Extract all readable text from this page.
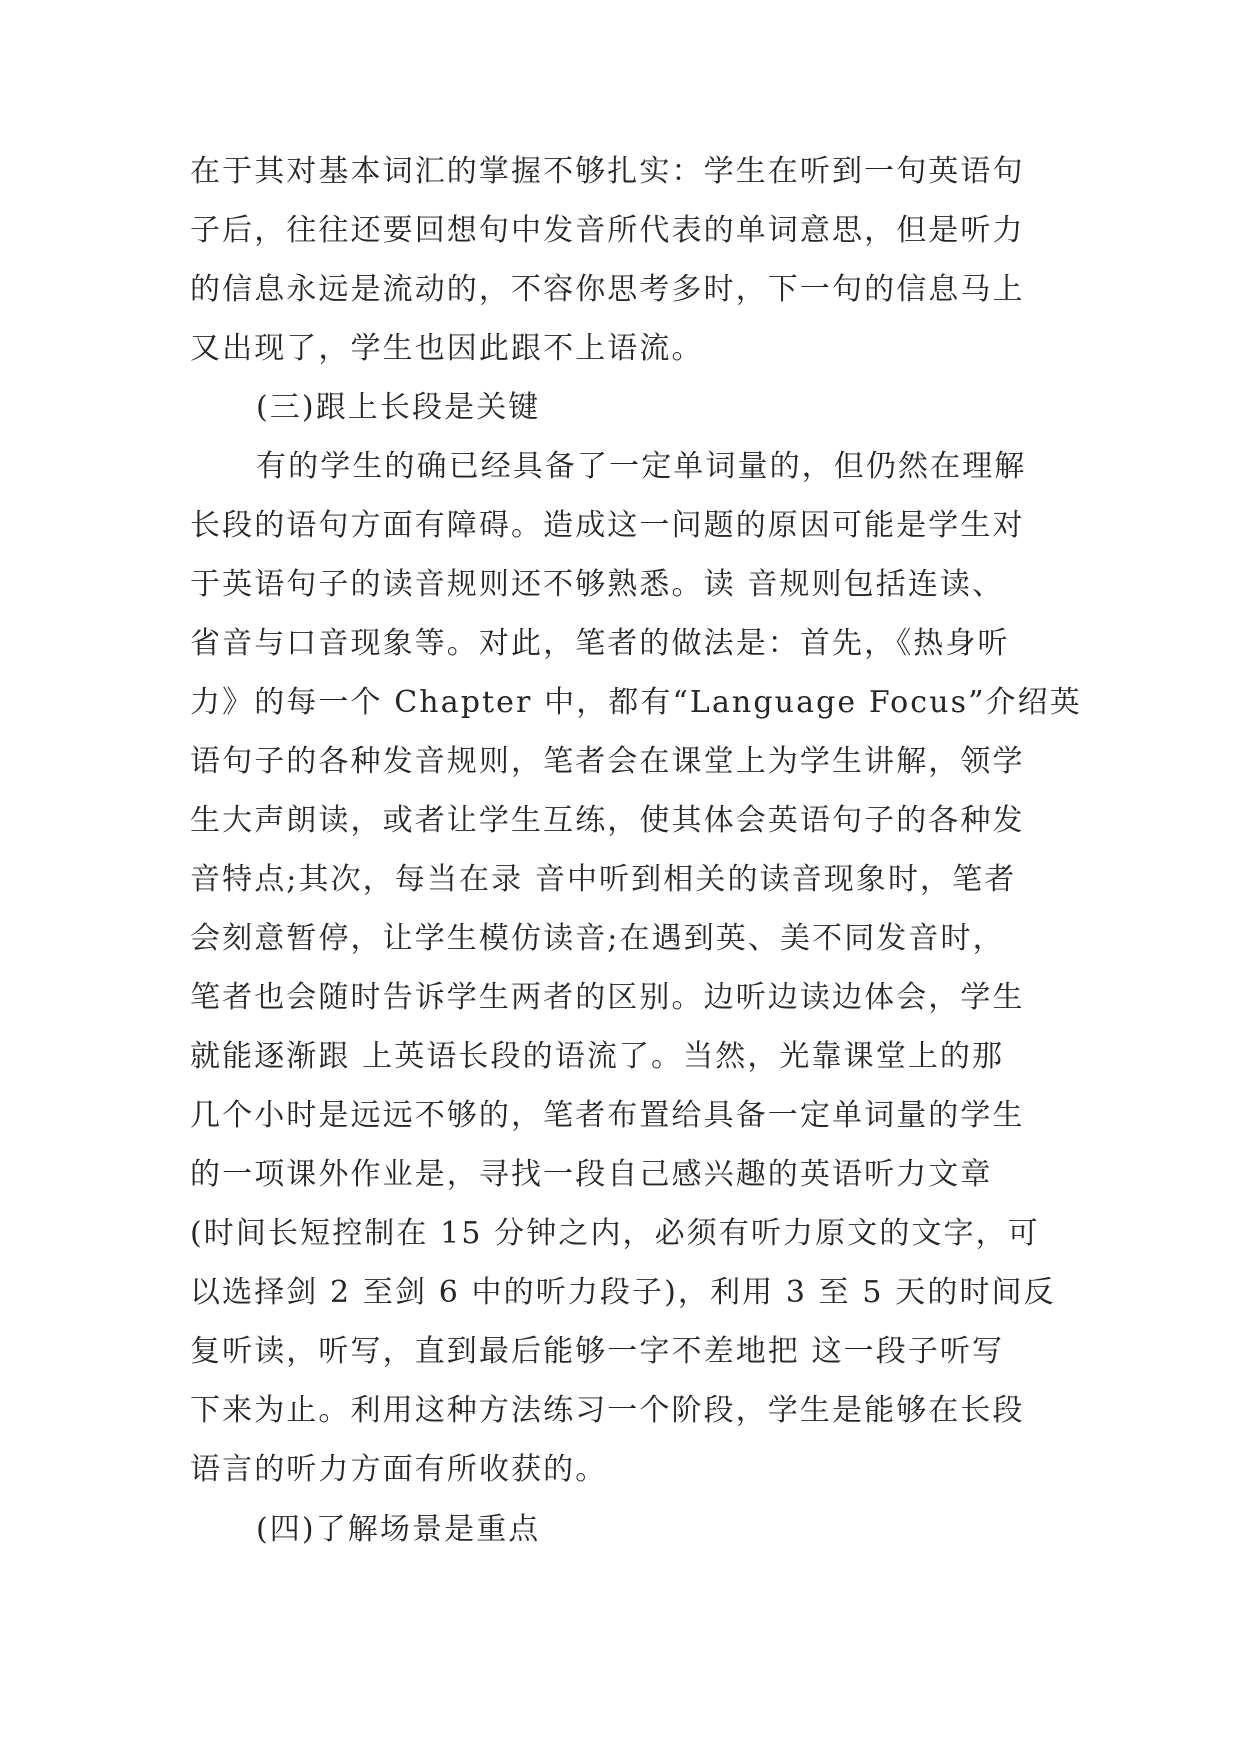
在于其对基本词汇的掌握不够扎实：学生在听到一句英语句
子后，往往还要回想句中发音所代表的单词意思，但是听力
的信息永远是流动的，不容你思考多时，下一句的信息马上
又出现了，学生也因此跟不上语流。
(三)跟上长段是关键
有的学生的确已经具备了一定单词量的，但仍然在理解
长段的语句方面有障碍。造成这一问题的原因可能是学生对
于英语句子的读音规则还不够熟悉。读 音规则包括连读、
省音与口音现象等。对此，笔者的做法是：首先，《热身听
力》的每一个 Chapter 中，都有“Language Focus”介绍英
语句子的各种发音规则，笔者会在课堂上为学生讲解，领学
生大声朗读，或者让学生互练，使其体会英语句子的各种发
音特点;其次，每当在录 音中听到相关的读音现象时，笔者
会刻意暂停，让学生模仿读音;在遇到英、美不同发音时，
笔者也会随时告诉学生两者的区别。边听边读边体会，学生
就能逐渐跟 上英语长段的语流了。当然，光靠课堂上的那
几个小时是远远不够的，笔者布置给具备一定单词量的学生
的一项课外作业是，寻找一段自己感兴趣的英语听力文章
(时间长短控制在 15 分钟之内，必须有听力原文的文字，可
以选择剑 2 至剑 6 中的听力段子)，利用 3 至 5 天的时间反
复听读，听写，直到最后能够一字不差地把 这一段子听写
下来为止。利用这种方法练习一个阶段，学生是能够在长段
语言的听力方面有所收获的。
(四)了解场景是重点
